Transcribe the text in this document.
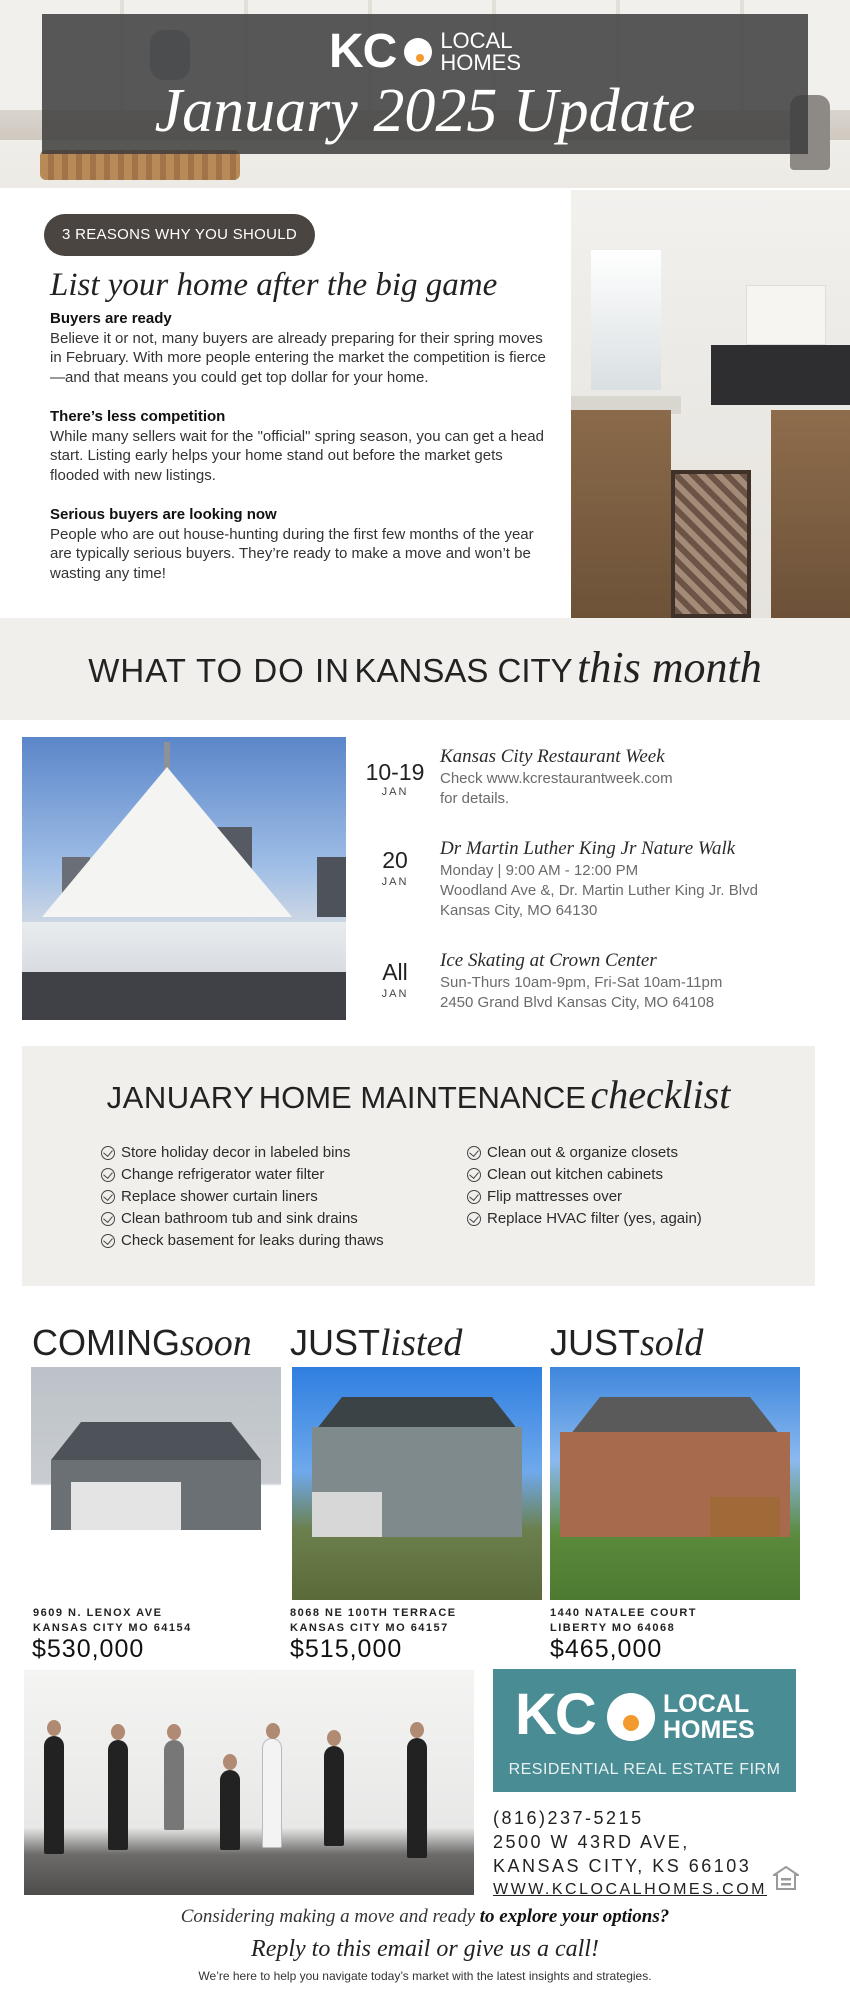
KC LOCAL
HOMES
January 2025 Update
3 REASONS WHY YOU SHOULD
List your home after the big game
Buyers are ready
Believe it or not, many buyers are already preparing for their spring moves in February. With more people entering the market the competition is fierce—and that means you could get top dollar for your home.
There’s less competition
While many sellers wait for the "official" spring season, you can get a head start. Listing early helps your home stand out before the market gets flooded with new listings.
Serious buyers are looking now
People who are out house-hunting during the first few months of the year are typically serious buyers. They’re ready to make a move and won’t be wasting any time!
WHAT TO DO IN KANSAS CITY this month
10-19
JAN
Kansas City Restaurant Week
Check www.kcrestaurantweek.com
for details.
20
JAN
Dr Martin Luther King Jr Nature Walk
Monday | 9:00 AM - 12:00 PM
Woodland Ave &, Dr. Martin Luther King Jr. Blvd
Kansas City, MO 64130
All
JAN
Ice Skating at Crown Center
Sun-Thurs 10am-9pm, Fri-Sat 10am-11pm
2450 Grand Blvd Kansas City, MO 64108
JANUARY HOME MAINTENANCE checklist
Store holiday decor in labeled bins
Change refrigerator water filter
Replace shower curtain liners
Clean bathroom tub and sink drains
Check basement for leaks during thaws
Clean out & organize closets
Clean out kitchen cabinets
Flip mattresses over
Replace HVAC filter (yes, again)
COMINGsoon JUSTlisted JUSTsold
9609 N. LENOX AVE
KANSAS CITY MO 64154
8068 NE 100TH TERRACE
KANSAS CITY MO 64157
1440 NATALEE COURT
LIBERTY MO 64068
$530,000	$515,000	$465,000
KC	LOCAL
HOMES
RESIDENTIAL REAL ESTATE FIRM
(816)237-5215
2500 W 43RD AVE,
KANSAS CITY, KS 66103
WWW.KCLOCALHOMES.COM
Considering making a move and ready to explore your options?
Reply to this email or give us a call!
We’re here to help you navigate today’s market with the latest insights and strategies.
